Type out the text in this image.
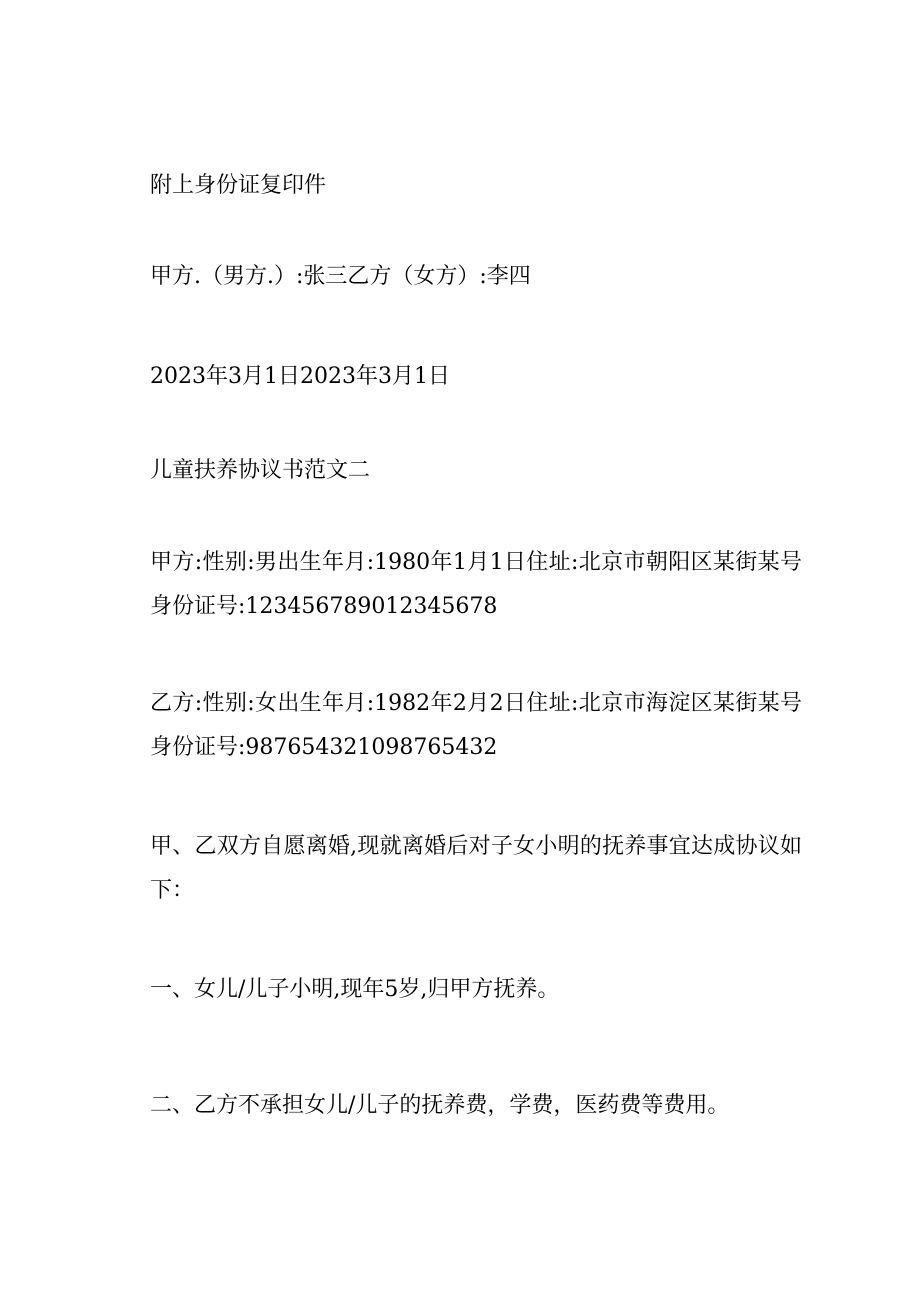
附上身份证复印件

甲方.（男方.）:张三乙方（女方）:李四

2023年3月1日2023年3月1日

儿童扶养协议书范文二

甲方:性别:男出生年月:1980年1月1日住址:北京市朝阳区某街某号身份证号:123456789012345678

乙方:性别:女出生年月:1982年2月2日住址:北京市海淀区某街某号身份证号:987654321098765432

甲、乙双方自愿离婚,现就离婚后对子女小明的抚养事宜达成协议如下：

一、女儿/儿子小明,现年5岁,归甲方抚养。

二、乙方不承担女儿/儿子的抚养费，学费，医药费等费用。
